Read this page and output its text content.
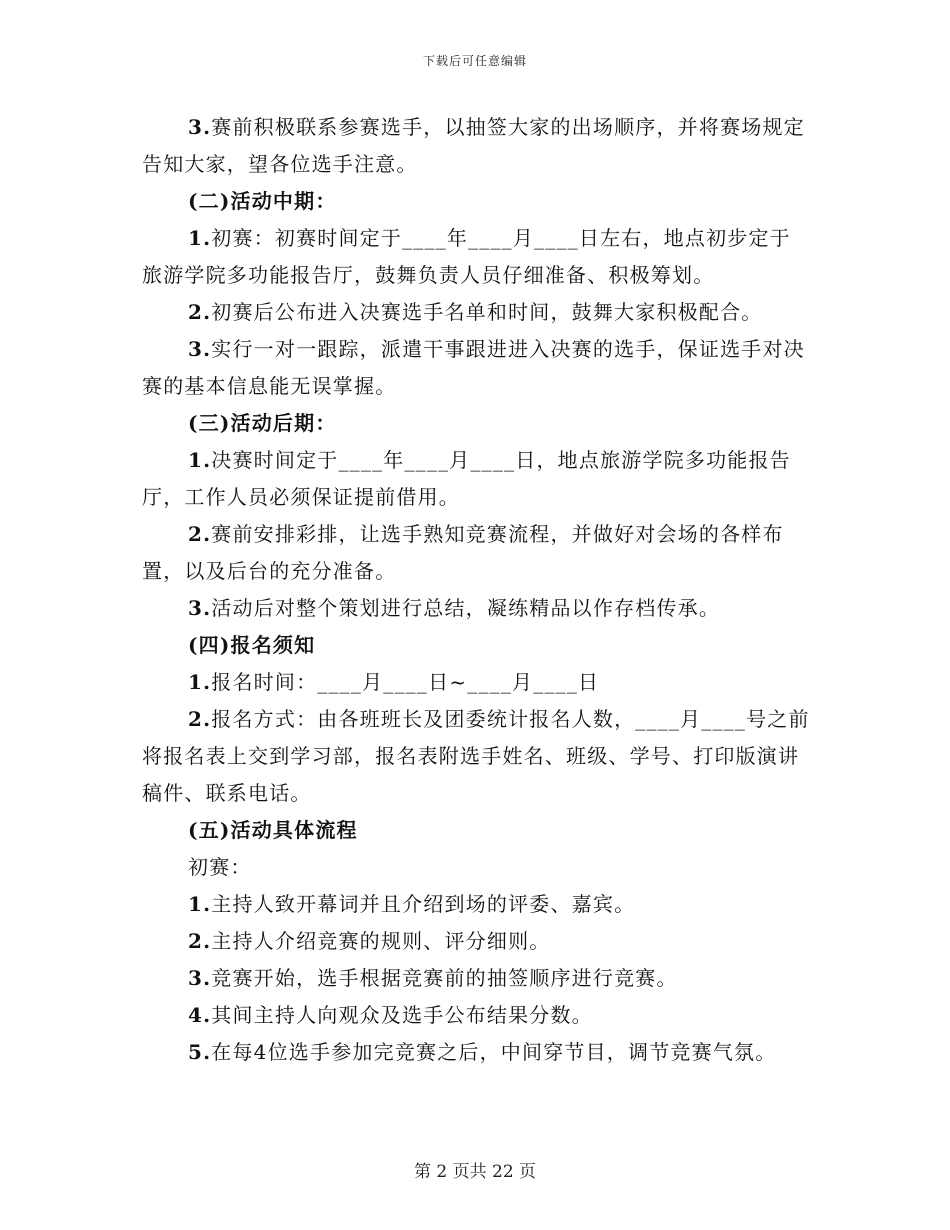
下载后可任意编辑

3.赛前积极联系参赛选手，以抽签大家的出场顺序，并将赛场规定告知大家，望各位选手注意。

(二)活动中期：

1.初赛：初赛时间定于____年____月____日左右，地点初步定于旅游学院多功能报告厅，鼓舞负责人员仔细准备、积极筹划。

2.初赛后公布进入决赛选手名单和时间，鼓舞大家积极配合。

3.实行一对一跟踪，派遣干事跟进进入决赛的选手，保证选手对决赛的基本信息能无误掌握。

(三)活动后期：

1.决赛时间定于____年____月____日，地点旅游学院多功能报告厅，工作人员必须保证提前借用。

2.赛前安排彩排，让选手熟知竞赛流程，并做好对会场的各样布置，以及后台的充分准备。

3.活动后对整个策划进行总结，凝练精品以作存档传承。

(四)报名须知

1.报名时间：____月____日~____月____日

2.报名方式：由各班班长及团委统计报名人数，____月____号之前将报名表上交到学习部，报名表附选手姓名、班级、学号、打印版演讲稿件、联系电话。

(五)活动具体流程

初赛：

1.主持人致开幕词并且介绍到场的评委、嘉宾。

2.主持人介绍竞赛的规则、评分细则。

3.竞赛开始，选手根据竞赛前的抽签顺序进行竞赛。

4.其间主持人向观众及选手公布结果分数。

5.在每4位选手参加完竞赛之后，中间穿节目，调节竞赛气氛。

第 2 页共 22 页
